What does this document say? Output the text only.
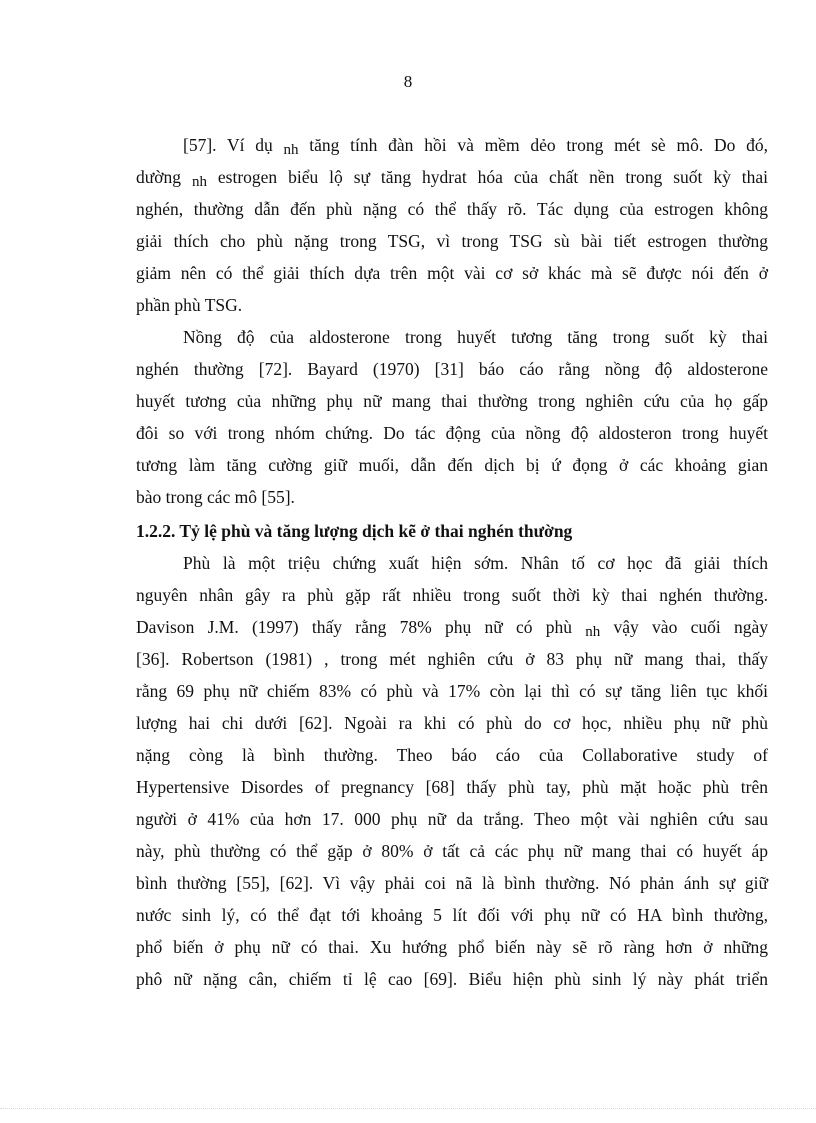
8
[57]. Ví dụ nh tăng tính đàn hồi và mềm dẻo trong mét sè mô. Do đó,
dường nh estrogen biểu lộ sự tăng hydrat hóa của chất nền trong suốt kỳ thai
nghén, thường dẫn đến phù nặng có thể thấy rõ. Tác dụng của estrogen không
giải thích cho phù nặng trong TSG, vì trong TSG sù bài tiết estrogen thường
giảm nên có thể giải thích dựa trên một vài cơ sở khác mà sẽ được nói đến ở
phần phù TSG.
Nồng độ của aldosterone trong huyết tương tăng trong suốt kỳ thai
nghén thường [72]. Bayard (1970) [31] báo cáo rằng nồng độ aldosterone
huyết tương của những phụ nữ mang thai thường trong nghiên cứu của họ gấp
đôi so với trong nhóm chứng. Do tác động của nồng độ aldosteron trong huyết
tương làm tăng cường giữ muối, dẫn đến dịch bị ứ đọng ở các khoảng gian
bào trong các mô [55].
1.2.2. Tỷ lệ phù và tăng lượng dịch kẽ ở thai nghén thường
Phù là một triệu chứng xuất hiện sớm. Nhân tố cơ học đã giải thích
nguyên nhân gây ra phù gặp rất nhiều trong suốt thời kỳ thai nghén thường.
Davison J.M. (1997) thấy rằng 78% phụ nữ có phù nh vậy vào cuối ngày
[36]. Robertson (1981) , trong mét nghiên cứu ở 83 phụ nữ mang thai, thấy
rằng 69 phụ nữ chiếm 83% có phù và 17% còn lại thì có sự tăng liên tục khối
lượng hai chi dưới [62]. Ngoài ra khi có phù do cơ học, nhiều phụ nữ phù
nặng còng là bình thường. Theo báo cáo của Collaborative study of
Hypertensive Disordes of pregnancy [68] thấy phù tay, phù mặt hoặc phù trên
người ở 41% của hơn 17. 000 phụ nữ da trắng. Theo một vài nghiên cứu sau
này, phù thường có thể gặp ở 80% ở tất cả các phụ nữ mang thai có huyết áp
bình thường [55], [62]. Vì vậy phải coi nã là bình thường. Nó phản ánh sự giữ
nước sinh lý, có thể đạt tới khoảng 5 lít đối với phụ nữ có HA bình thường,
phổ biến ở phụ nữ có thai. Xu hướng phổ biến này sẽ rõ ràng hơn ở những
phô nữ nặng cân, chiếm tỉ lệ cao [69]. Biểu hiện phù sinh lý này phát triển
